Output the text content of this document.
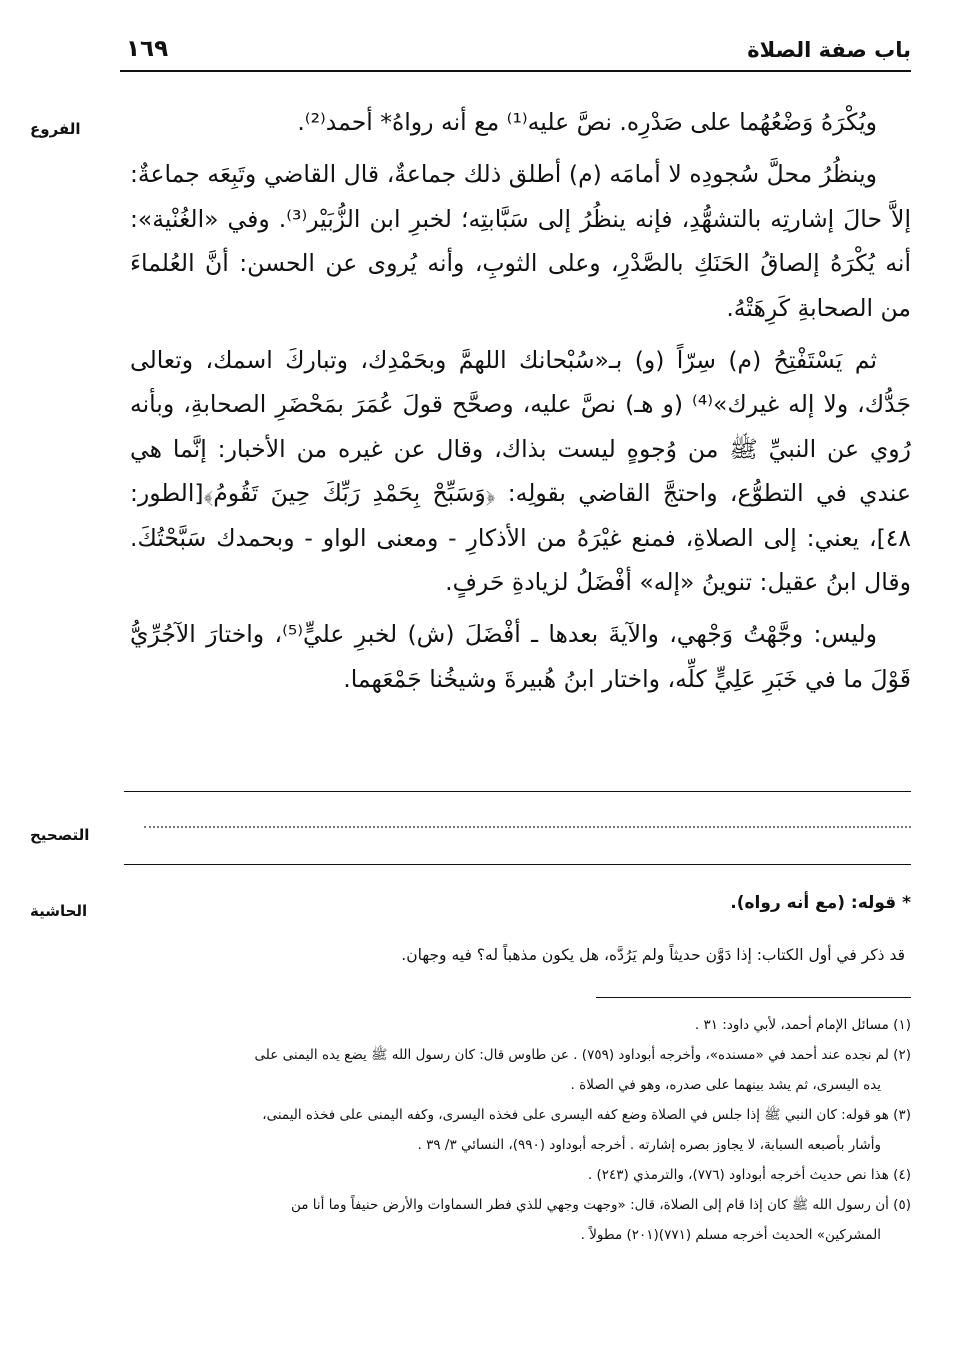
باب صفة الصلاة
١٦٩
الفروع
التصحيح
الحاشية

ويُكْرَهُ وَضْعُهُما على صَدْرِه. نصَّ عليه⁽¹⁾ مع أنه رواهُ* أحمد⁽²⁾.

وينظُرُ محلَّ سُجودِه لا أمامَه (م) أطلق ذلك جماعةٌ، قال القاضي وتَبِعَه جماعةٌ: إلاَّ حالَ إشارتِه بالتشهُّدِ، فإنه ينظُرُ إلى سَبَّابتِه؛ لخبرِ ابن الزُّبَيْر⁽³⁾. وفي «الغُنْية»: أنه يُكْرَهُ إلصاقُ الحَنَكِ بالصَّدْرِ، وعلى الثوبِ، وأنه يُروى عن الحسن: أنَّ العُلماءَ من الصحابةِ كَرِهَتْهُ.

ثم يَسْتَفْتِحُ (م) سِرّاً (و) بـ«سُبْحانك اللهمَّ وبحَمْدِك، وتباركَ اسمك، وتعالى جَدُّك، ولا إله غيرك»⁽⁴⁾ (و هـ) نصَّ عليه، وصحَّح قولَ عُمَرَ بمَحْضَرِ الصحابةِ، وبأنه رُوي عن النبيِّ ﷺ من وُجوهٍ ليست بذاك، وقال عن غيره من الأخبار: إنَّما هي عندي في التطوُّع، واحتجَّ القاضي بقولِه: ﴿وَسَبِّحْ بِحَمْدِ رَبِّكَ حِينَ تَقُومُ﴾[الطور: ٤٨]، يعني: إلى الصلاةِ، فمنع غيْرَهُ من الأذكارِ - ومعنى الواو - وبحمدك سَبَّحْتُكَ. وقال ابنُ عقيل: تنوينُ «إله» أفْضَلُ لزيادةِ حَرفٍ.

وليس: وجَّهْتُ وَجْهي، والآيةَ بعدها ـ أفْضَلَ (ش) لخبرِ عليٍّ⁽⁵⁾، واختارَ الآجُرِّيُّ قَوْلَ ما في خَبَرِ عَلِيٍّ كلِّه، واختار ابنُ هُبيرةَ وشيخُنا جَمْعَهما.

* قوله: (مع أنه رواه).
قد ذكر في أول الكتاب: إذا دَوَّن حديثاً ولم يَرُدَّه، هل يكون مذهباً له؟ فيه وجهان.
(١) مسائل الإمام أحمد، لأبي داود: ٣١ .
(٢) لم نجده عند أحمد في «مسنده»، وأخرجه أبوداود (٧٥٩) . عن طاوس قال: كان رسول الله ﷺ يضع يده اليمنى على
يده اليسرى، ثم يشد بينهما على صدره، وهو في الصلاة .
(٣) هو قوله: كان النبي ﷺ إذا جلس في الصلاة وضع كفه اليسرى على فخذه اليسرى، وكفه اليمنى على فخذه اليمنى،
وأشار بأصبعه السبابة، لا يجاوز بصره إشارته . أخرجه أبوداود (٩٩٠)، النسائي ٣/ ٣٩ .
(٤) هذا نص حديث أخرجه أبوداود (٧٧٦)، والترمذي (٢٤٣) .
(٥) أن رسول الله ﷺ كان إذا قام إلى الصلاة، قال: «وجهت وجهي للذي فطر السماوات والأرض حنيفاً وما أنا من
المشركين» الحديث أخرجه مسلم (٧٧١)(٢٠١) مطولاً .
